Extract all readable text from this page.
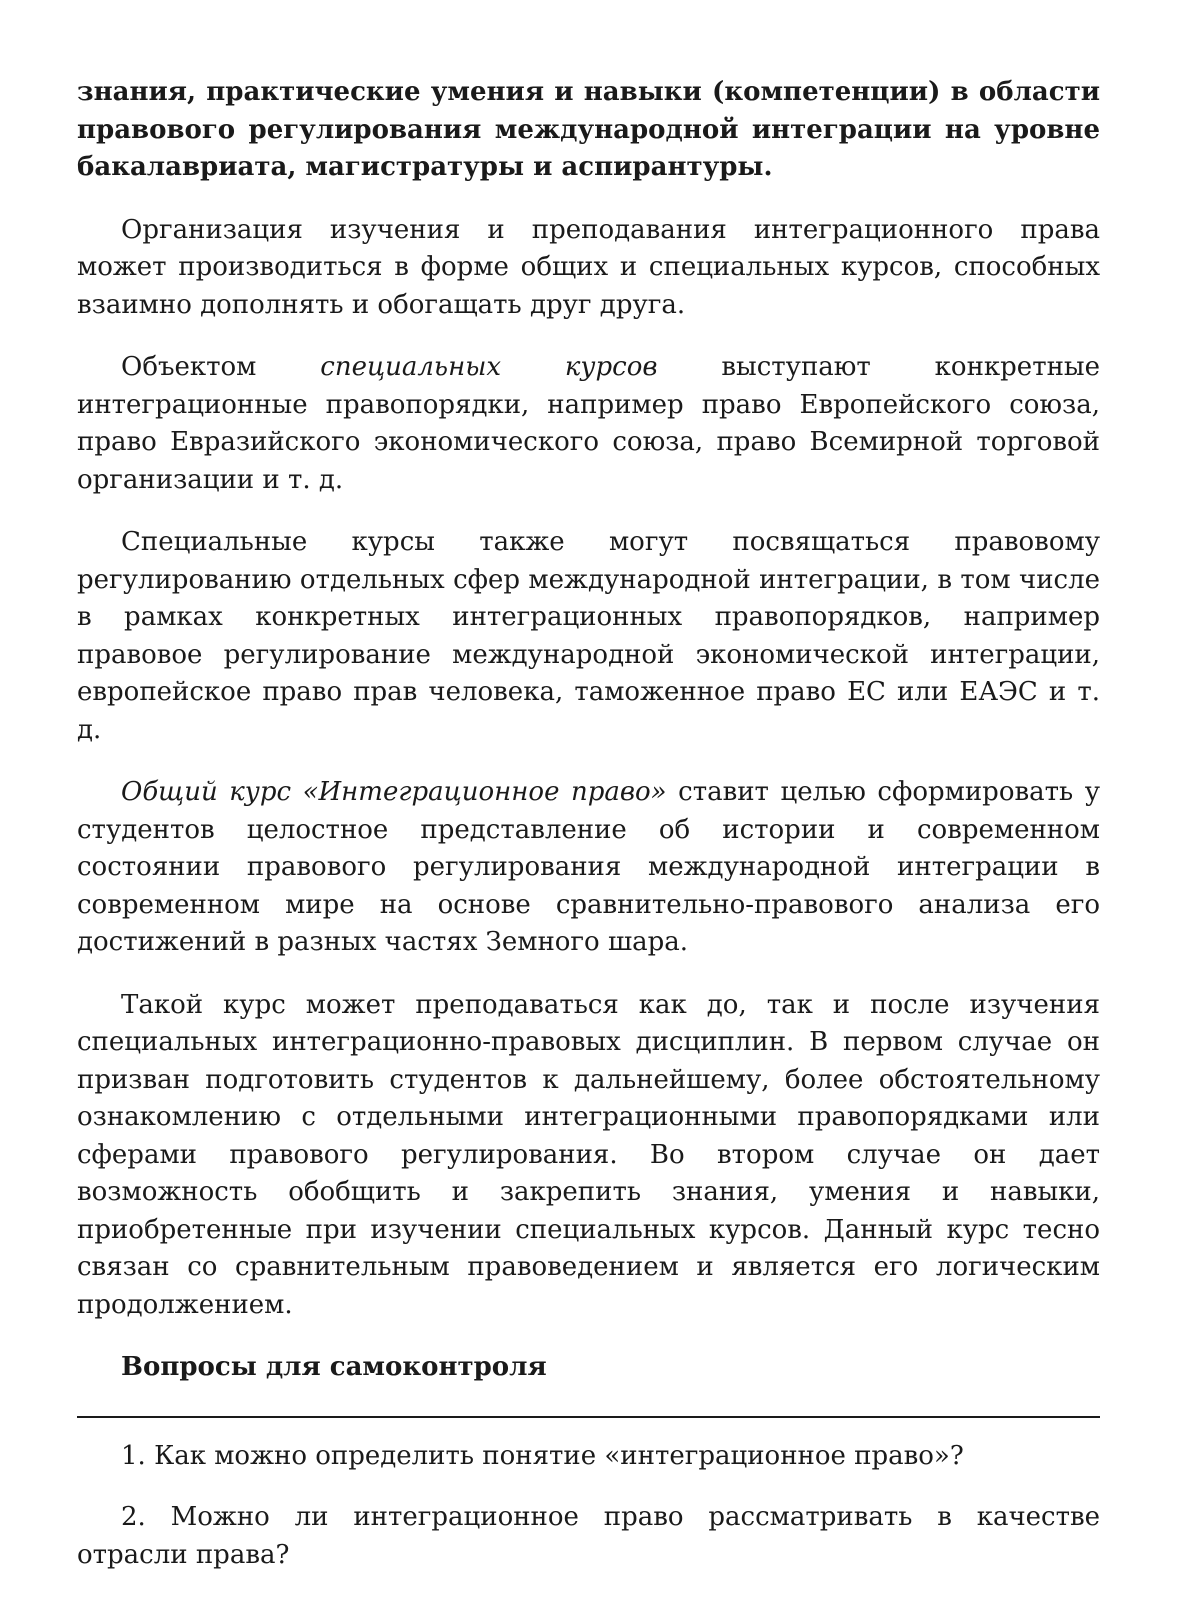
знания, практические умения и навыки (компетенции) в области правового регулирования международной интеграции на уровне бакалавриата, магистратуры и аспирантуры.

Организация изучения и преподавания интеграционного права может производиться в форме общих и специальных курсов, способных взаимно дополнять и обогащать друг друга.

Объектом специальных курсов выступают конкретные интеграционные правопорядки, например право Европейского союза, право Евразийского экономического союза, право Всемирной торговой организации и т. д.

Специальные курсы также могут посвящаться правовому регулированию отдельных сфер международной интеграции, в том числе в рамках конкретных интеграционных правопорядков, например правовое регулирование международной экономической интеграции, европейское право прав человека, таможенное право ЕС или ЕАЭС и т. д.

Общий курс «Интеграционное право» ставит целью сформировать у студентов целостное представление об истории и современном состоянии правового регулирования международной интеграции в современном мире на основе сравнительно-правового анализа его достижений в разных частях Земного шара.

Такой курс может преподаваться как до, так и после изучения специальных интеграционно-правовых дисциплин. В первом случае он призван подготовить студентов к дальнейшему, более обстоятельному ознакомлению с отдельными интеграционными правопорядками или сферами правового регулирования. Во втором случае он дает возможность обобщить и закрепить знания, умения и навыки, приобретенные при изучении специальных курсов. Данный курс тесно связан со сравнительным правоведением и является его логическим продолжением.

Вопросы для самоконтроля

1. Как можно определить понятие «интеграционное право»?

2. Можно ли интеграционное право рассматривать в качестве отрасли права?
